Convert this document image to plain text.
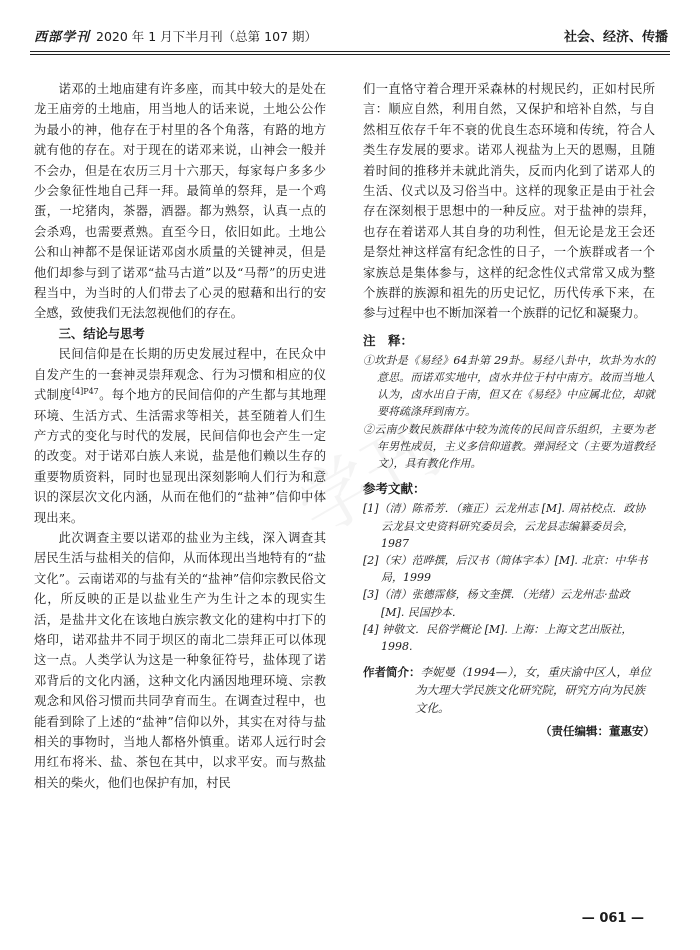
西部学刊 2020 年 1 月下半月刊（总第 107 期）	社会、经济、传播

诺邓的土地庙建有许多座，而其中较大的是处在龙王庙旁的土地庙，用当地人的话来说，土地公公作为最小的神，他存在于村里的各个角落，有路的地方就有他的存在。对于现在的诺邓来说，山神会一般并不会办，但是在农历三月十六那天，每家每户多多少少会象征性地自己拜一拜。最简单的祭拜，是一个鸡蛋，一坨猪肉，茶器，酒器。都为熟祭，认真一点的会杀鸡，也需要煮熟。直至今日，依旧如此。土地公公和山神都不是保证诺邓卤水质量的关键神灵，但是他们却参与到了诺邓“盐马古道”以及“马帮”的历史进程当中，为当时的人们带去了心灵的慰藉和出行的安全感，致使我们无法忽视他们的存在。

三、结论与思考

民间信仰是在长期的历史发展过程中，在民众中自发产生的一套神灵崇拜观念、行为习惯和相应的仪式制度$^{[4]P47}$。每个地方的民间信仰的产生都与其地理环境、生活方式、生活需求等相关，甚至随着人们生产方式的变化与时代的发展，民间信仰也会产生一定的改变。对于诺邓白族人来说，盐是他们赖以生存的重要物质资料，同时也显现出深刻影响人们行为和意识的深层次文化内涵，从而在他们的“盐神”信仰中体现出来。

此次调查主要以诺邓的盐业为主线，深入调查其居民生活与盐相关的信仰，从而体现出当地特有的“盐文化”。云南诺邓的与盐有关的“盐神”信仰宗教民俗文化，所反映的正是以盐业生产为生计之本的现实生活，是盐井文化在该地白族宗教文化的建构中打下的烙印，诺邓盐井不同于坝区的南北二崇拜正可以体现这一点。人类学认为这是一种象征符号，盐体现了诺邓背后的文化内涵，这种文化内涵因地理环境、宗教观念和风俗习惯而共同孕育而生。在调查过程中，也能看到除了上述的“盐神”信仰以外，其实在对待与盐相关的事物时，当地人都格外慎重。诺邓人远行时会用红布将米、盐、茶包在其中，以求平安。而与熬盐相关的柴火，他们也保护有加，村民

们一直恪守着合理开采森林的村规民约，正如村民所言：顺应自然，利用自然，又保护和培补自然，与自然相互依存千年不衰的优良生态环境和传统，符合人类生存发展的要求。诺邓人视盐为上天的恩赐，且随着时间的推移并未就此消失，反而内化到了诺邓人的生活、仪式以及习俗当中。这样的现象正是由于社会存在深刻根于思想中的一种反应。对于盐神的崇拜，也存在着诺邓人其自身的功利性，但无论是龙王会还是祭灶神这样富有纪念性的日子，一个族群或者一个家族总是集体参与，这样的纪念性仪式常常又成为整个族群的族源和祖先的历史记忆，历代传承下来，在参与过程中也不断加深着一个族群的记忆和凝聚力。

注　释：

①坎卦是《易经》64卦第 29卦。易经八卦中，坎卦为水的意思。而诺邓实地中，卤水井位于村中南方。故而当地人认为，卤水出自于南，但又在《易经》中应属北位，却就要将疏涤拜到南方。

②云南少数民族群体中较为流传的民间音乐组织，主要为老年男性成员，主义多信仰道教。弹洞经文（主要为道教经文），具有教化作用。

参考文献：

[1]（清）陈希芳．（雍正）云龙州志 [M]. 周祜校点．政协云龙县文史资料研究委员会，云龙县志编纂委员会，1987

[2]（宋）范晔撰，后汉书（简体字本）[M]. 北京：中华书局，1999

[3]（清）张德霈修，杨文奎撰．（光绪）云龙州志·盐政 [M]. 民国抄本．

[4] 钟敬文．民俗学概论 [M]. 上海：上海文艺出版社，1998.

作者简介：李妮曼（1994—），女，重庆渝中区人，单位为大理大学民族文化研究院，研究方向为民族文化。

（责任编辑：董惠安）
— 061 —
